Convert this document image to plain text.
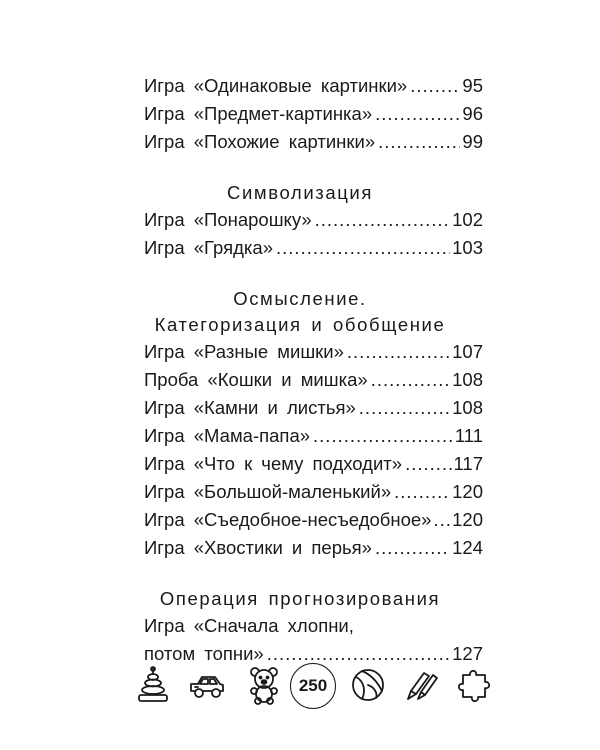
Игра «Одинаковые картинки» .....	95
Игра «Предмет-картинка» .....	96
Игра «Похожие картинки» .....	99
Символизация
Игра «Понарошку» .....	102
Игра «Грядка» .....	103
Осмысление.
Категоризация и обобщение
Игра «Разные мишки» .....	107
Проба «Кошки и мишка» .....	108
Игра «Камни и листья» .....	108
Игра «Мама-папа» .....	111
Игра «Что к чему подходит» .....	117
Игра «Большой-маленький» .....	120
Игра «Съедобное-несъедобное» ..... 120
Игра «Хвостики и перья» .....	124
Операция прогнозирования
Игра «Сначала хлопни,
потом топни» .....	127
250
